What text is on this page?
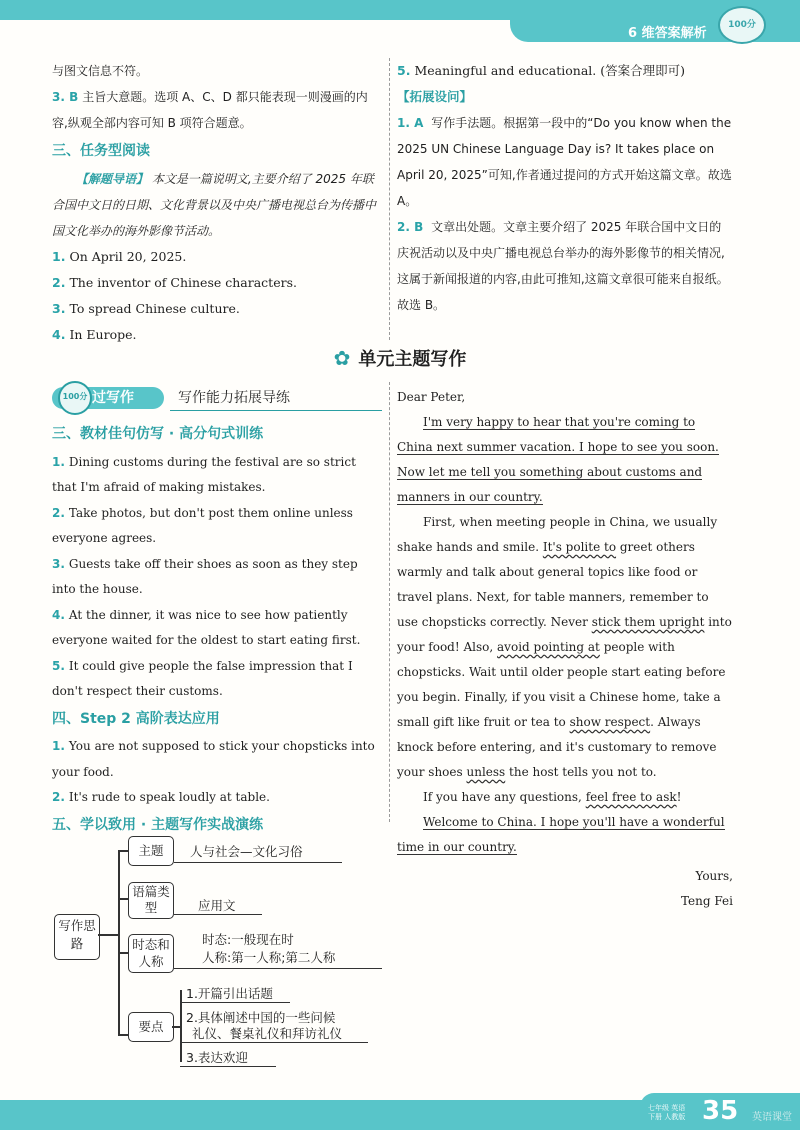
6 维答案解析
100分

与图文信息不符。

3. B 主旨大意题。选项 A、C、D 都只能表现一则漫画的内容,纵观全部内容可知 B 项符合题意。

三、任务型阅读

【解题导语】 本文是一篇说明文,主要介绍了 2025 年联合国中文日的日期、文化背景以及中央广播电视总台为传播中国文化举办的海外影像节活动。

1. On April 20, 2025.

2. The inventor of Chinese characters.

3. To spread Chinese culture.

4. In Europe.

5. Meaningful and educational. (答案合理即可)

【拓展设问】

1. A 写作手法题。根据第一段中的“Do you know when the 2025 UN Chinese Language Day is? It takes place on April 20, 2025”可知,作者通过提问的方式开始这篇文章。故选 A。

2. B 文章出处题。文章主要介绍了 2025 年联合国中文日的庆祝活动以及中央广播电视总台举办的海外影像节的相关情况,这属于新闻报道的内容,由此可推知,这篇文章很可能来自报纸。故选 B。

✿ 单元主题写作
过写作
100分	写作能力拓展导练

三、教材佳句仿写 · 高分句式训练

1. Dining customs during the festival are so strict that I'm afraid of making mistakes.

2. Take photos, but don't post them online unless everyone agrees.

3. Guests take off their shoes as soon as they step into the house.

4. At the dinner, it was nice to see how patiently everyone waited for the oldest to start eating first.

5. It could give people the false impression that I don't respect their customs.

四、Step 2 高阶表达应用

1. You are not supposed to stick your chopsticks into your food.

2. It's rude to speak loudly at table.

五、学以致用 · 主题写作实战演练

写作思路
主题	人与社会—文化习俗
语篇类型	应用文
时态和人称
时态:一般现在时
人称:第一人称;第二人称
要点
1.开篇引出话题
2.具体阐述中国的一些问候
礼仪、餐桌礼仪和拜访礼仪
3.表达欢迎

Dear Peter,

I'm very happy to hear that you're coming to China next summer vacation. I hope to see you soon. Now let me tell you something about customs and manners in our country.

First, when meeting people in China, we usually shake hands and smile. It's polite to greet others warmly and talk about general topics like food or travel plans. Next, for table manners, remember to use chopsticks correctly. Never stick them upright into your food! Also, avoid pointing at people with chopsticks. Wait until older people start eating before you begin. Finally, if you visit a Chinese home, take a small gift like fruit or tea to show respect. Always knock before entering, and it's customary to remove your shoes unless the host tells you not to.

If you have any questions, feel free to ask!

Welcome to China. I hope you'll have a wonderful time in our country.

Yours,

Teng Fei

七年级 英语
下册 人教版 35 英语课堂
